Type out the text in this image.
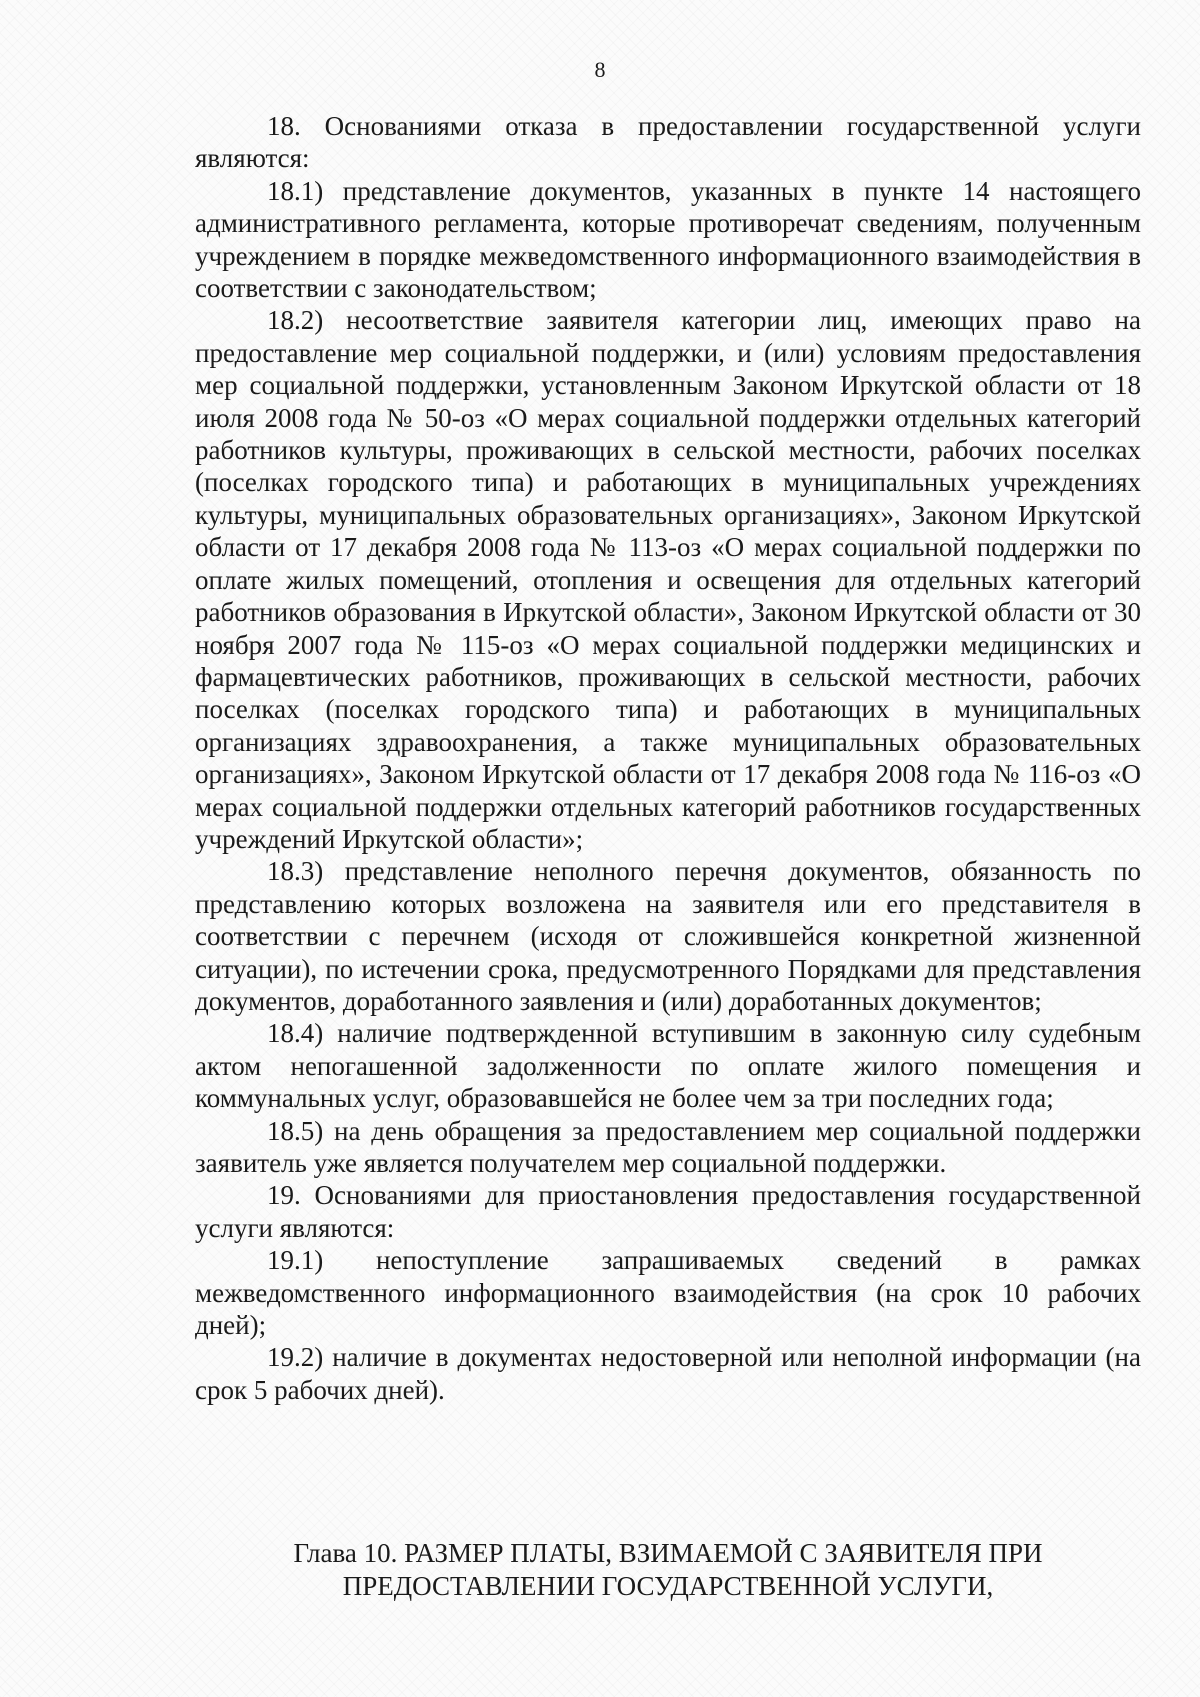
8

18. Основаниями отказа в предоставлении государственной услуги являются:

18.1) представление документов, указанных в пункте 14 настоящего административного регламента, которые противоречат сведениям, полученным учреждением в порядке межведомственного информационного взаимодействия в соответствии с законодательством;

18.2) несоответствие заявителя категории лиц, имеющих право на предоставление мер социальной поддержки, и (или) условиям предоставления мер социальной поддержки, установленным Законом Иркутской области от 18 июля 2008 года № 50-оз «О мерах социальной поддержки отдельных категорий работников культуры, проживающих в сельской местности, рабочих поселках (поселках городского типа) и работающих в муниципальных учреждениях культуры, муниципальных образовательных организациях», Законом Иркутской области от 17 декабря 2008 года № 113-оз «О мерах социальной поддержки по оплате жилых помещений, отопления и освещения для отдельных категорий работников образования в Иркутской области», Законом Иркутской области от 30 ноября 2007 года № 115-оз «О мерах социальной поддержки медицинских и фармацевтических работников, проживающих в сельской местности, рабочих поселках (поселках городского типа) и работающих в муниципальных организациях здравоохранения, а также муниципальных образовательных организациях», Законом Иркутской области от 17 декабря 2008 года № 116-оз «О мерах социальной поддержки отдельных категорий работников государственных учреждений Иркутской области»;

18.3) представление неполного перечня документов, обязанность по представлению которых возложена на заявителя или его представителя в соответствии с перечнем (исходя от сложившейся конкретной жизненной ситуации), по истечении срока, предусмотренного Порядками для представления документов, доработанного заявления и (или) доработанных документов;

18.4) наличие подтвержденной вступившим в законную силу судебным актом непогашенной задолженности по оплате жилого помещения и коммунальных услуг, образовавшейся не более чем за три последних года;

18.5) на день обращения за предоставлением мер социальной поддержки заявитель уже является получателем мер социальной поддержки.

19. Основаниями для приостановления предоставления государственной услуги являются:

19.1) непоступление запрашиваемых сведений в рамках межведомственного информационного взаимодействия (на срок 10 рабочих дней);

19.2) наличие в документах недостоверной или неполной информации (на срок 5 рабочих дней).

Глава 10. РАЗМЕР ПЛАТЫ, ВЗИМАЕМОЙ С ЗАЯВИТЕЛЯ ПРИ
ПРЕДОСТАВЛЕНИИ ГОСУДАРСТВЕННОЙ УСЛУГИ,
